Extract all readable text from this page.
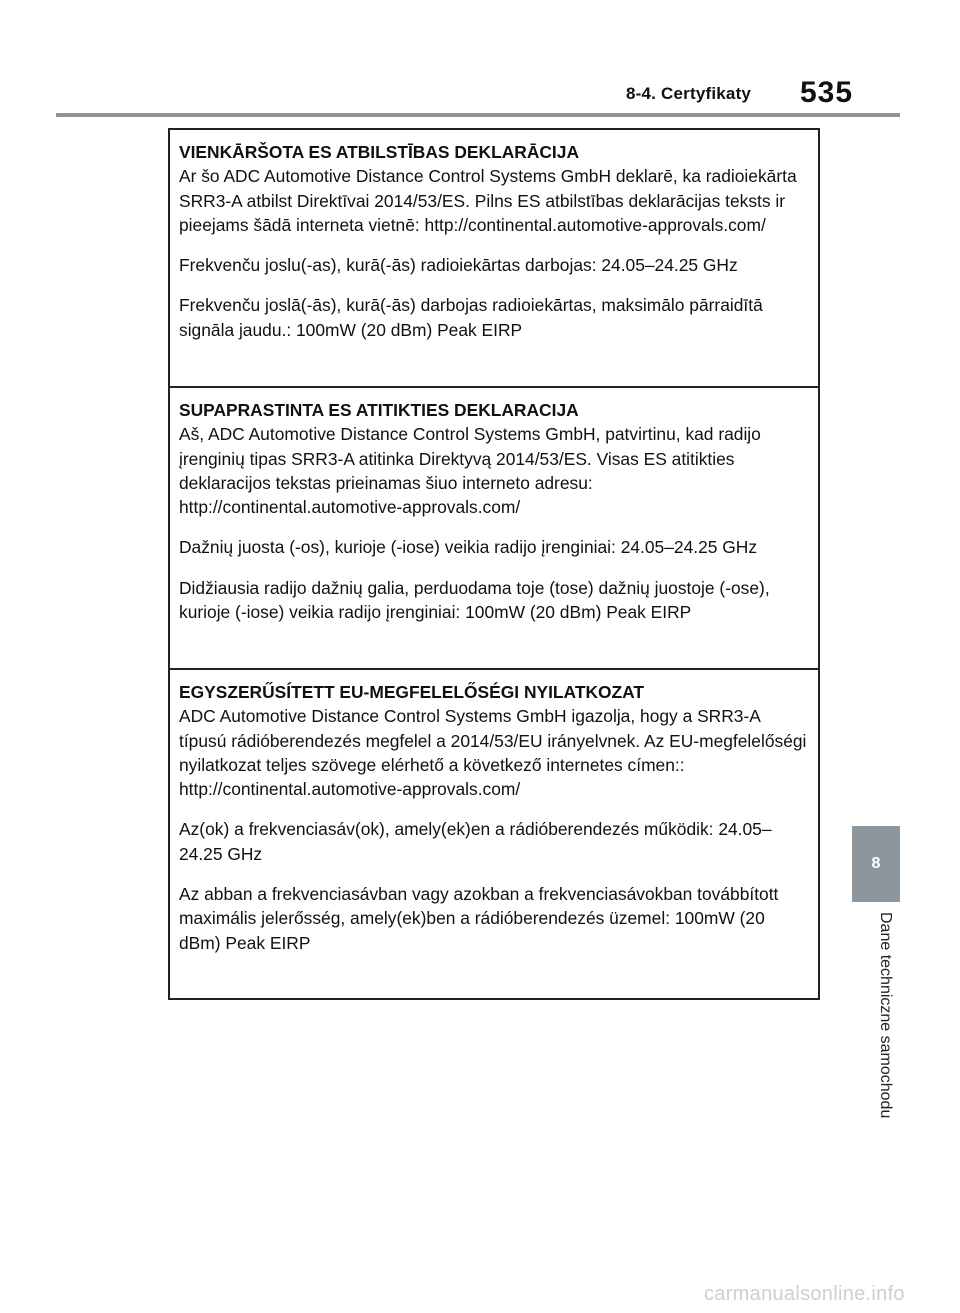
8-4. Certyfikaty 535

VIENKĀRŠOTA ES ATBILSTĪBAS DEKLARĀCIJA

Ar šo ADC Automotive Distance Control Systems GmbH deklarē, ka radioiekārta SRR3-A atbilst Direktīvai 2014/53/ES. Pilns ES atbilstības deklarācijas teksts ir pieejams šādā interneta vietnē: http://continental.automotive-approvals.com/

Frekvenču joslu(-as), kurā(-ās) radioiekārtas darbojas: 24.05–24.25 GHz

Frekvenču joslā(-ās), kurā(-ās) darbojas radioiekārtas, maksimālo pārraidītā signāla jaudu.: 100mW (20 dBm) Peak EIRP

SUPAPRASTINTA ES ATITIKTIES DEKLARACIJA

Aš, ADC Automotive Distance Control Systems GmbH, patvirtinu, kad radijo įrenginių tipas SRR3-A atitinka Direktyvą 2014/53/ES. Visas ES atitikties deklaracijos tekstas prieinamas šiuo interneto adresu: http://continental.automotive-approvals.com/

Dažnių juosta (-os), kurioje (-iose) veikia radijo įrenginiai: 24.05–24.25 GHz

Didžiausia radijo dažnių galia, perduodama toje (tose) dažnių juostoje (-ose), kurioje (-iose) veikia radijo įrenginiai: 100mW (20 dBm) Peak EIRP

EGYSZERŰSÍTETT EU-MEGFELELŐSÉGI NYILATKOZAT

ADC Automotive Distance Control Systems GmbH igazolja, hogy a SRR3-A típusú rádióberendezés megfelel a 2014/53/EU irányelvnek. Az EU-megfelelőségi nyilatkozat teljes szövege elérhető a következő internetes címen:: http://continental.automotive-approvals.com/

Az(ok) a frekvenciasáv(ok), amely(ek)en a rádióberendezés működik: 24.05–24.25 GHz

Az abban a frekvenciasávban vagy azokban a frekvenciasávokban továbbított maximális jelerősség, amely(ek)ben a rádióberendezés üzemel: 100mW (20 dBm) Peak EIRP

8
Dane techniczne samochodu
carmanualsonline.info
